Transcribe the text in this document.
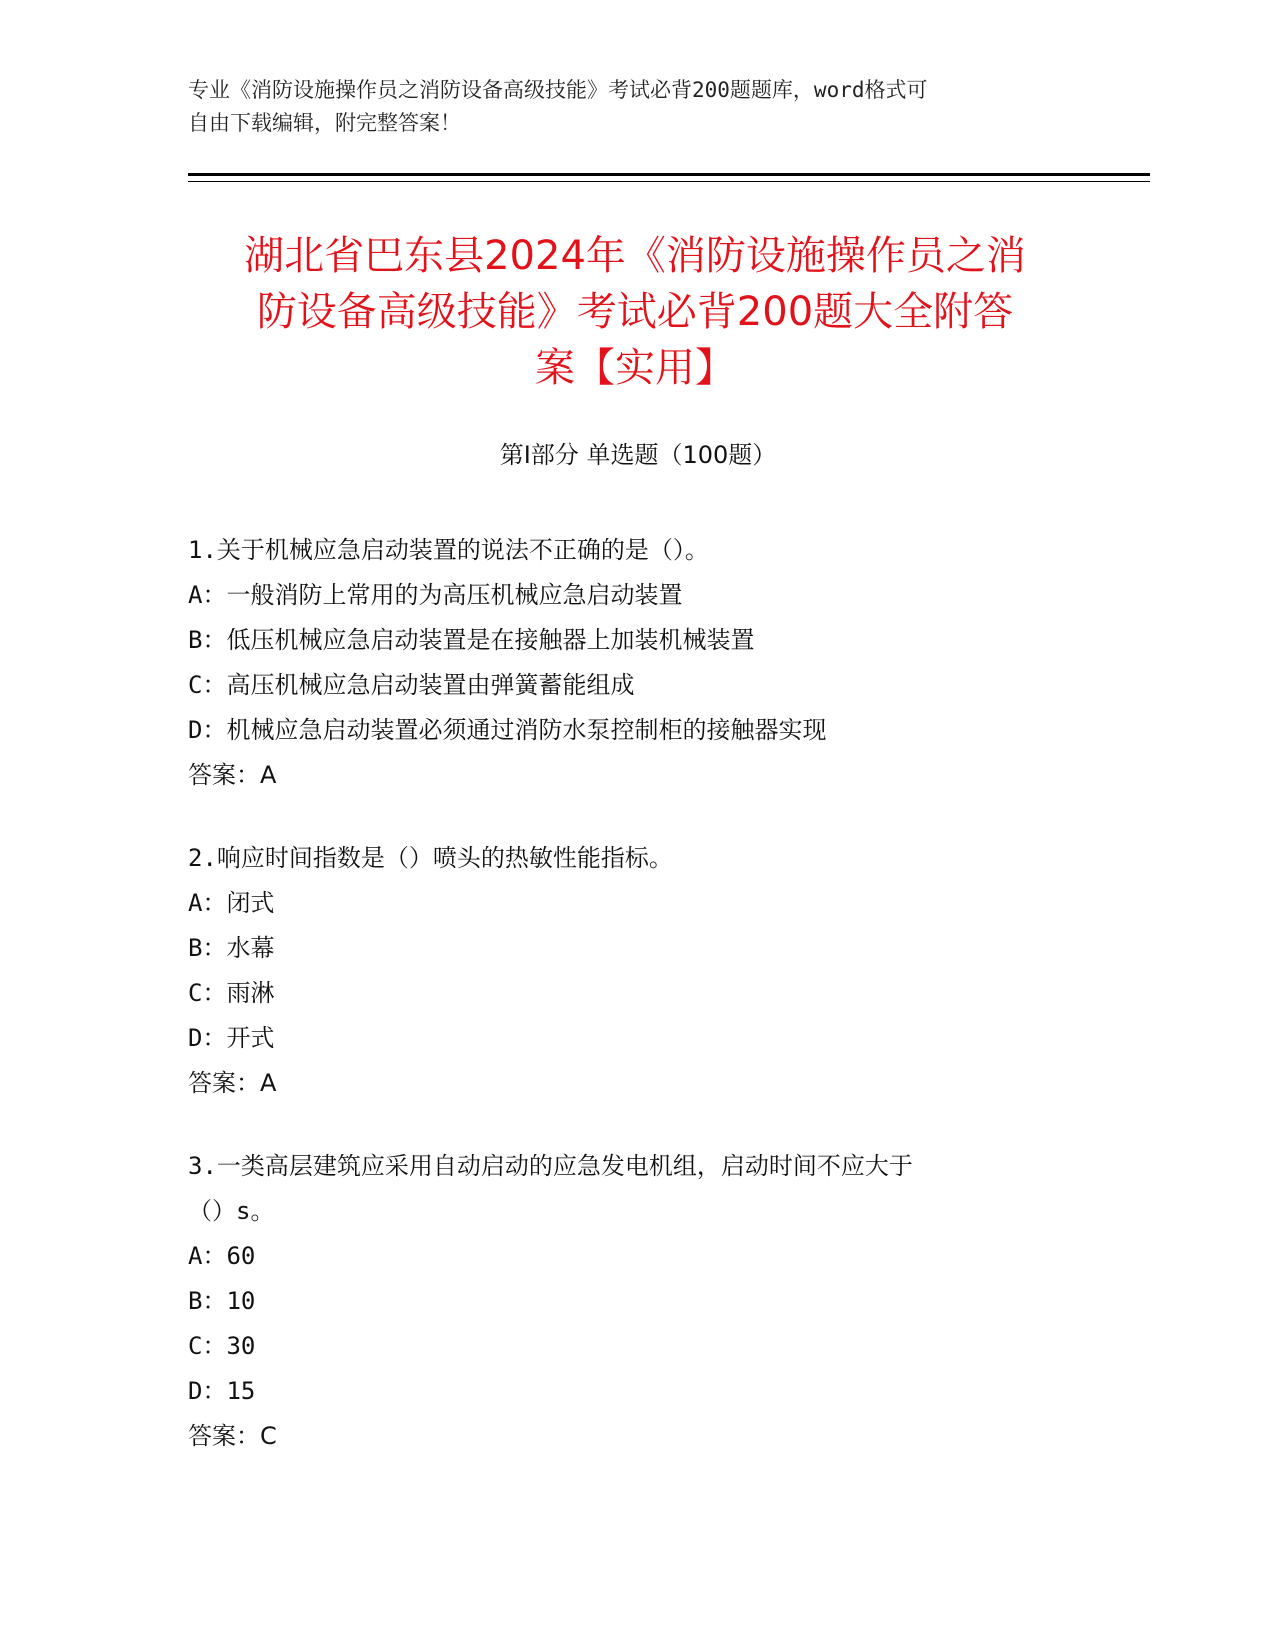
专业《消防设施操作员之消防设备高级技能》考试必背200题题库，word格式可
自由下载编辑，附完整答案！
湖北省巴东县2024年《消防设施操作员之消
防设备高级技能》考试必背200题大全附答
案【实用】
第Ⅰ部分 单选题（100题）
1.关于机械应急启动装置的说法不正确的是（）。
A：一般消防上常用的为高压机械应急启动装置
B：低压机械应急启动装置是在接触器上加装机械装置
C：高压机械应急启动装置由弹簧蓄能组成
D：机械应急启动装置必须通过消防水泵控制柜的接触器实现
答案：A
2.响应时间指数是（）喷头的热敏性能指标。
A：闭式
B：水幕
C：雨淋
D：开式
答案：A
3.一类高层建筑应采用自动启动的应急发电机组，启动时间不应大于
（）s。
A：60
B：10
C：30
D：15
答案：C
